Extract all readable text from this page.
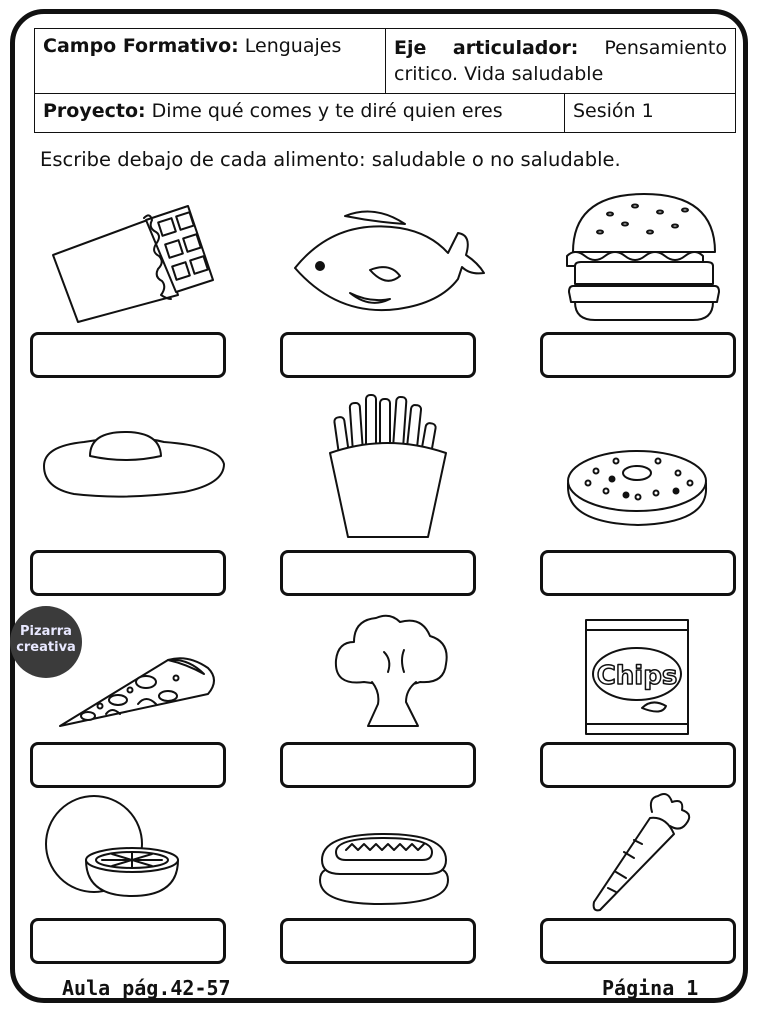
Campo Formativo: Lenguajes	Eje articulador: Pensamiento
critico. Vida saludable	

Proyecto: Dime qué comes y te diré quien eres		Sesión 1
Escribe debajo de cada alimento: saludable o no saludable.
Pizarra
creativa
Chips
Aula pág.42-57	Página 1
